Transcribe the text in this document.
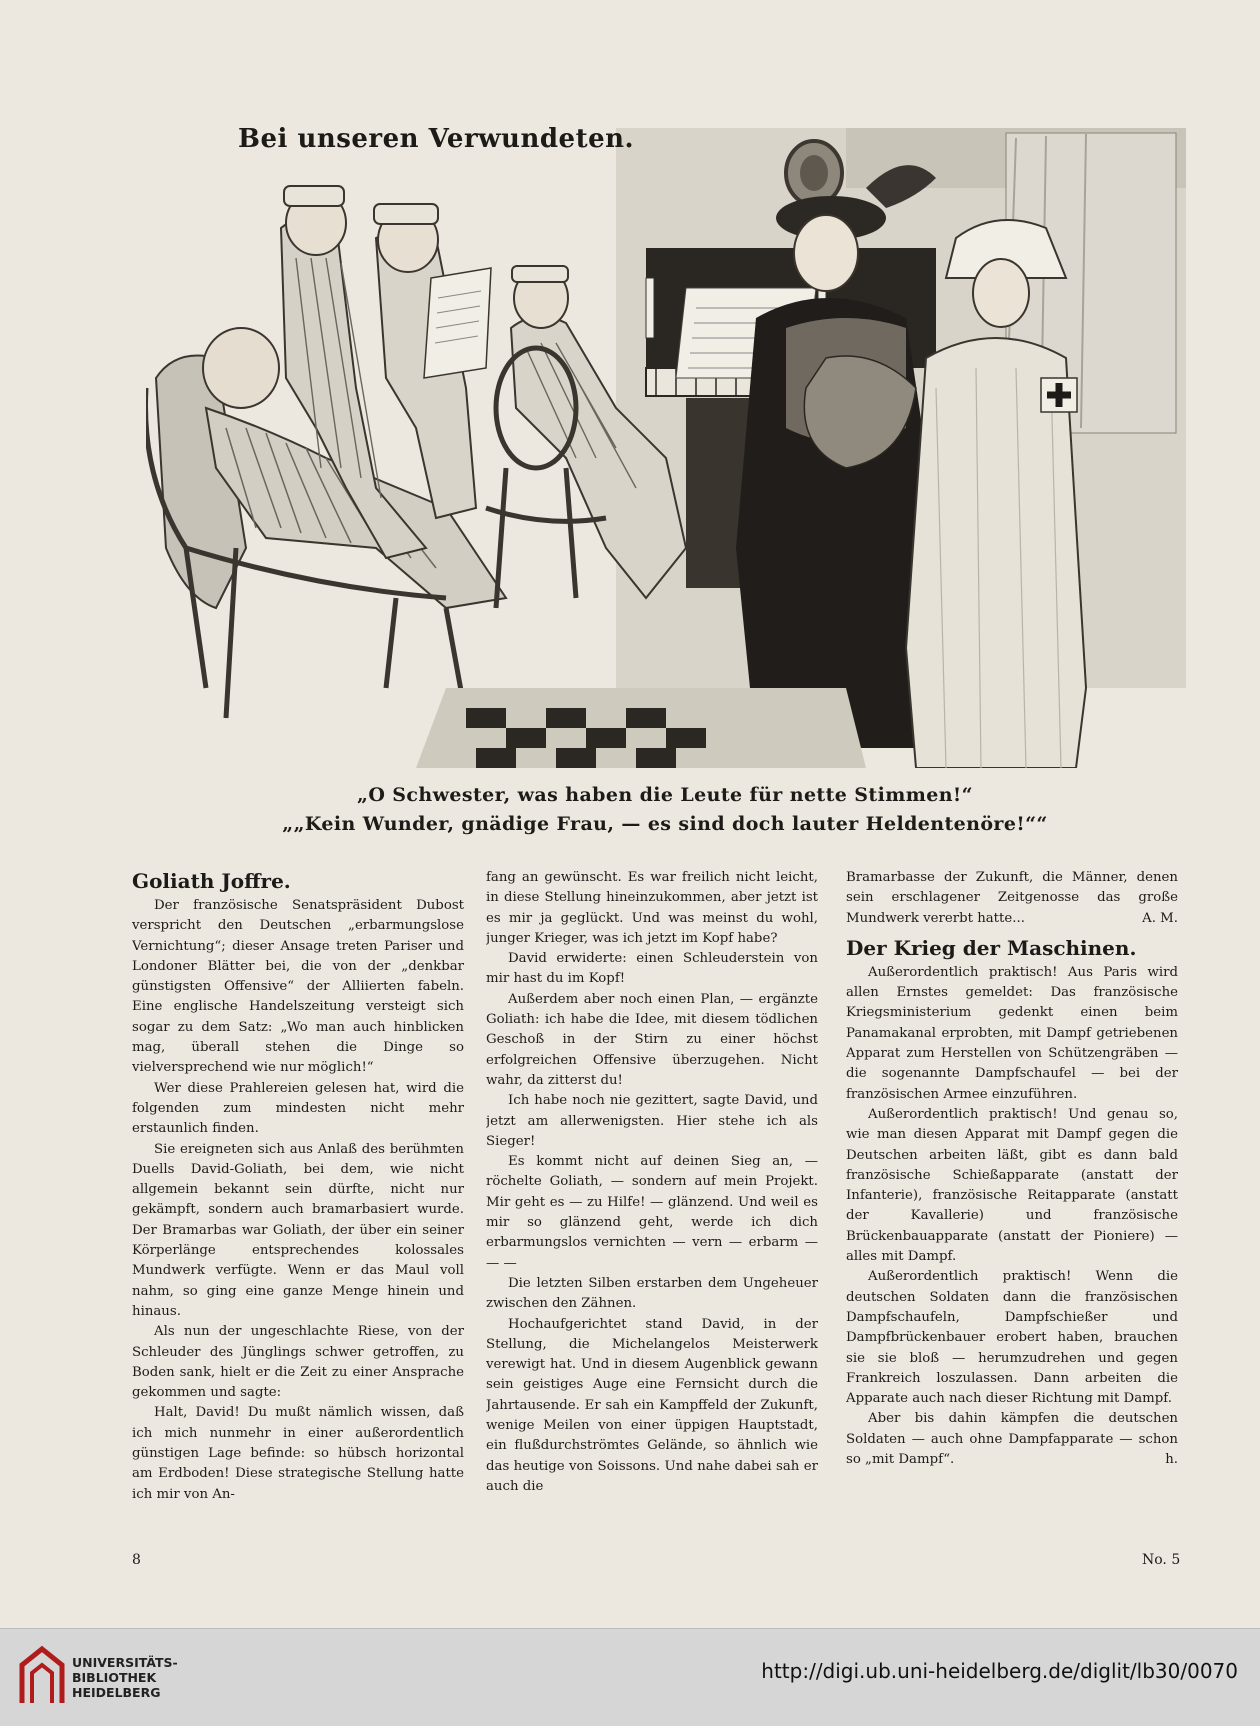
Bei unseren Verwundeten.
„O Schwester, was haben die Leute für nette Stimmen!“
„„Kein Wunder, gnädige Frau, — es sind doch lauter Heldentenöre!““
Goliath Joffre.

Der französische Senatspräsident Dubost verspricht den Deutschen „erbarmungslose Vernichtung“; dieser Ansage treten Pariser und Londoner Blätter bei, die von der „denkbar günstigsten Offensive“ der Alliierten fabeln. Eine englische Handelszeitung versteigt sich sogar zu dem Satz: „Wo man auch hinblicken mag, überall stehen die Dinge so vielversprechend wie nur möglich!“

Wer diese Prahlereien gelesen hat, wird die folgenden zum mindesten nicht mehr erstaunlich finden.

Sie ereigneten sich aus Anlaß des berühmten Duells David-Goliath, bei dem, wie nicht allgemein bekannt sein dürfte, nicht nur gekämpft, sondern auch bramarbasiert wurde. Der Bramarbas war Goliath, der über ein seiner Körperlänge entsprechendes kolossales Mundwerk verfügte. Wenn er das Maul voll nahm, so ging eine ganze Menge hinein und hinaus.

Als nun der ungeschlachte Riese, von der Schleuder des Jünglings schwer getroffen, zu Boden sank, hielt er die Zeit zu einer Ansprache gekommen und sagte:

Halt, David! Du mußt nämlich wissen, daß ich mich nunmehr in einer außerordentlich günstigen Lage befinde: so hübsch horizontal am Erdboden! Diese strategische Stellung hatte ich mir von An-

fang an gewünscht. Es war freilich nicht leicht, in diese Stellung hineinzukommen, aber jetzt ist es mir ja geglückt. Und was meinst du wohl, junger Krieger, was ich jetzt im Kopf habe?

David erwiderte: einen Schleuderstein von mir hast du im Kopf!

Außerdem aber noch einen Plan, — ergänzte Goliath: ich habe die Idee, mit diesem tödlichen Geschoß in der Stirn zu einer höchst erfolgreichen Offensive überzugehen. Nicht wahr, da zitterst du!

Ich habe noch nie gezittert, sagte David, und jetzt am allerwenigsten. Hier stehe ich als Sieger!

Es kommt nicht auf deinen Sieg an, — röchelte Goliath, — sondern auf mein Projekt. Mir geht es — zu Hilfe! — glänzend. Und weil es mir so glänzend geht, werde ich dich erbarmungslos vernichten — vern — erbarm — — —

Die letzten Silben erstarben dem Ungeheuer zwischen den Zähnen.

Hochaufgerichtet stand David, in der Stellung, die Michelangelos Meisterwerk verewigt hat. Und in diesem Augenblick gewann sein geistiges Auge eine Fernsicht durch die Jahrtausende. Er sah ein Kampffeld der Zukunft, wenige Meilen von einer üppigen Hauptstadt, ein flußdurchströmtes Gelände, so ähnlich wie das heutige von Soissons. Und nahe dabei sah er auch die

Bramarbasse der Zukunft, die Männer, denen sein erschlagener Zeitgenosse das große Mundwerk vererbt hatte...	A. M.

Der Krieg der Maschinen.

Außerordentlich praktisch! Aus Paris wird allen Ernstes gemeldet: Das französische Kriegsministerium gedenkt einen beim Panamakanal erprobten, mit Dampf getriebenen Apparat zum Herstellen von Schützengräben — die sogenannte Dampfschaufel — bei der französischen Armee einzuführen.

Außerordentlich praktisch! Und genau so, wie man diesen Apparat mit Dampf gegen die Deutschen arbeiten läßt, gibt es dann bald französische Schießapparate (anstatt der Infanterie), französische Reitapparate (anstatt der Kavallerie) und französische Brückenbauapparate (anstatt der Pioniere) — alles mit Dampf.

Außerordentlich praktisch! Wenn die deutschen Soldaten dann die französischen Dampfschaufeln, Dampfschießer und Dampfbrückenbauer erobert haben, brauchen sie sie bloß — herumzudrehen und gegen Frankreich loszulassen. Dann arbeiten die Apparate auch nach dieser Richtung mit Dampf.

Aber bis dahin kämpfen die deutschen Soldaten — auch ohne Dampfapparate — schon so „mit Dampf“.	h.

8	No. 5
UNIVERSITÄTS-
BIBLIOTHEK
HEIDELBERG
http://digi.ub.uni-heidelberg.de/diglit/lb30/0070
